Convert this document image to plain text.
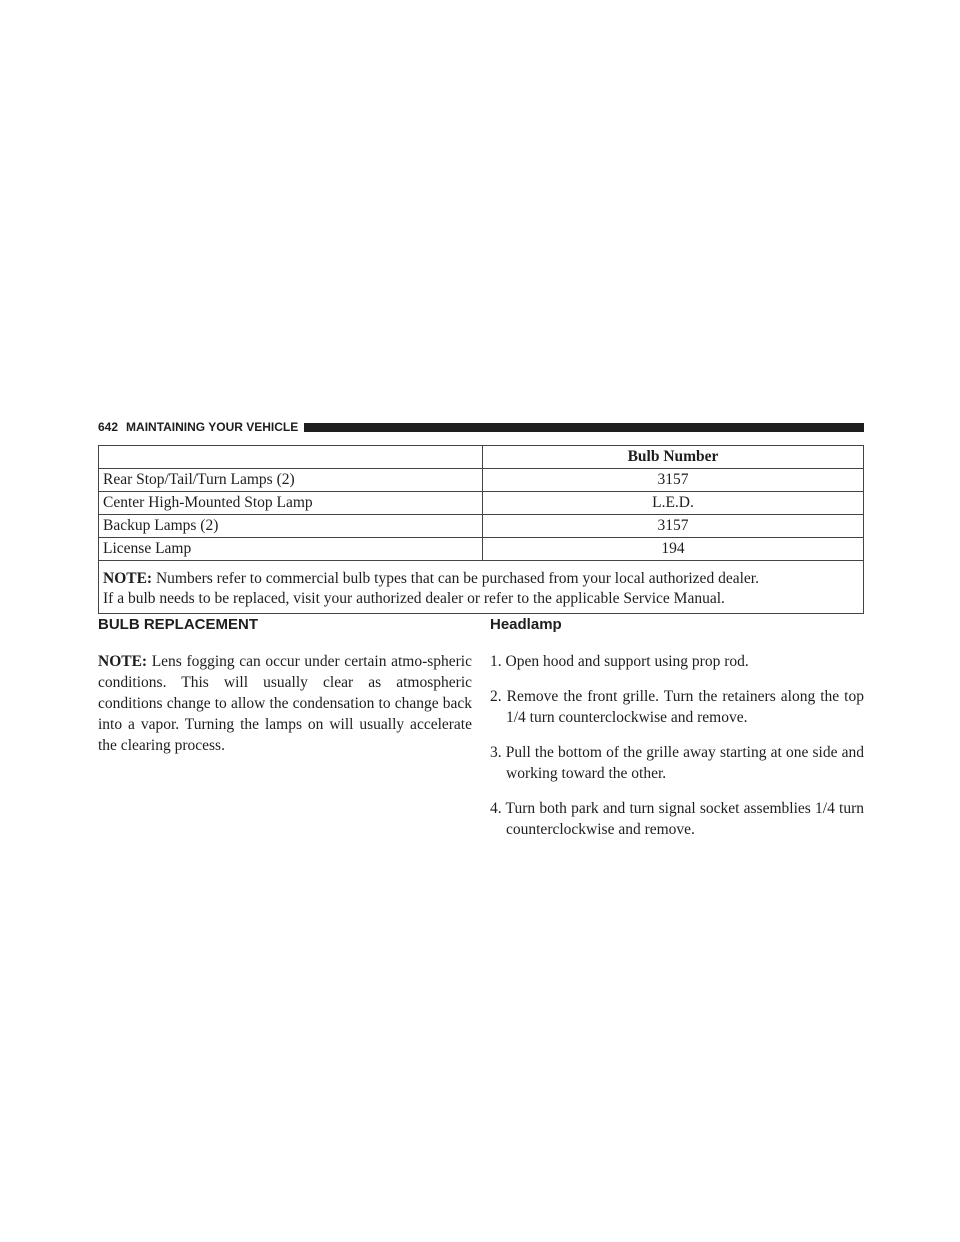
642 MAINTAINING YOUR VEHICLE
	Bulb Number
Rear Stop/Tail/Turn Lamps (2)	3157
Center High-Mounted Stop Lamp	L.E.D.
Backup Lamps (2)	3157
License Lamp	194
NOTE: Numbers refer to commercial bulb types that can be purchased from your local authorized dealer.
If a bulb needs to be replaced, visit your authorized dealer or refer to the applicable Service Manual.	
BULB REPLACEMENT

NOTE: Lens fogging can occur under certain atmo-spheric conditions. This will usually clear as atmospheric conditions change to allow the condensation to change back into a vapor. Turning the lamps on will usually accelerate the clearing process.

Headlamp
1. Open hood and support using prop rod.
2. Remove the front grille. Turn the retainers along the top 1/4 turn counterclockwise and remove.
3. Pull the bottom of the grille away starting at one side and working toward the other.
4. Turn both park and turn signal socket assemblies 1/4 turn counterclockwise and remove.
